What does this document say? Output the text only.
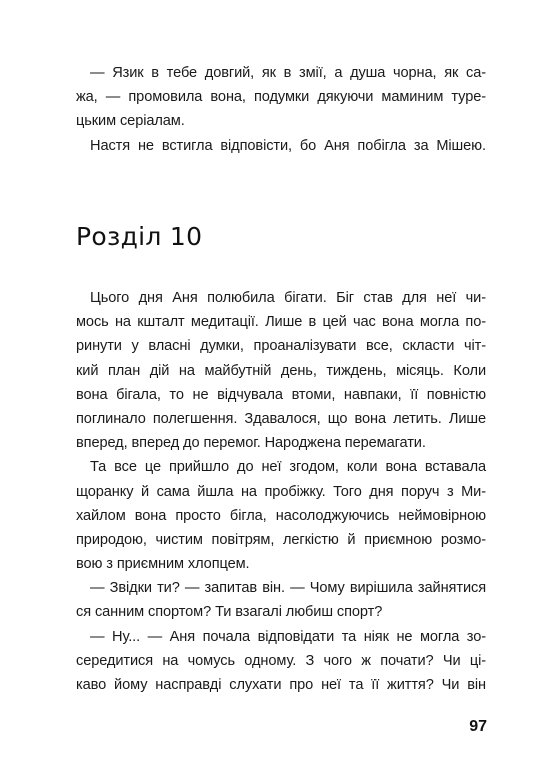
— Язик в тебе довгий, як в змії, а душа чорна, як са-
жа, — промовила вона, подумки дякуючи маминим туре-
цьким серіалам.
Настя не встигла відповісти, бо Аня побігла за Мішею.
Розділ 10
Цього дня Аня полюбила бігати. Біг став для неї чи-
мось на кшталт медитації. Лише в цей час вона могла по-
ринути у власні думки, проаналізувати все, скласти чіт-
кий план дій на майбутній день, тиждень, місяць. Коли
вона бігала, то не відчувала втоми, навпаки, її повністю
поглинало полегшення. Здавалося, що вона летить. Лише
вперед, вперед до перемог. Народжена перемагати.
Та все це прийшло до неї згодом, коли вона вставала
щоранку й сама йшла на пробіжку. Того дня поруч з Ми-
хайлом вона просто бігла, насолоджуючись неймовірною
природою, чистим повітрям, легкістю й приємною розмо-
вою з приємним хлопцем.
— Звідки ти? — запитав він. — Чому вирішила зайнятися
ся санним спортом? Ти взагалі любиш спорт?
— Ну... — Аня почала відповідати та ніяк не могла зо-
середитися на чомусь одному. З чого ж почати? Чи ці-
каво йому насправді слухати про неї та її життя? Чи він
97
